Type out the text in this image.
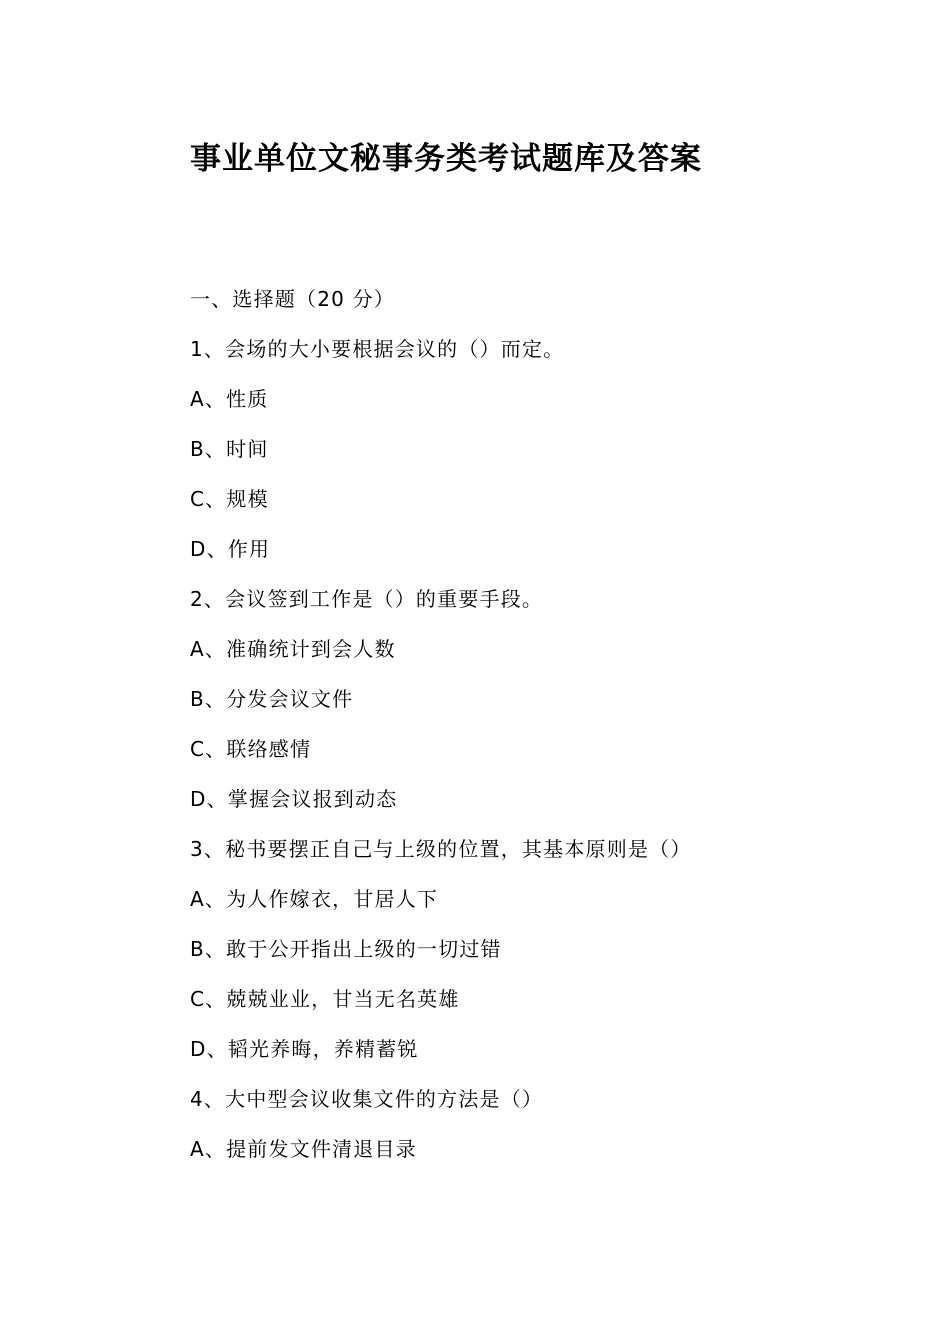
事业单位文秘事务类考试题库及答案

一、选择题（20 分）

1、会场的大小要根据会议的（）而定。

A、性质

B、时间

C、规模

D、作用

2、会议签到工作是（）的重要手段。

A、准确统计到会人数

B、分发会议文件

C、联络感情

D、掌握会议报到动态

3、秘书要摆正自己与上级的位置，其基本原则是（）

A、为人作嫁衣，甘居人下

B、敢于公开指出上级的一切过错

C、兢兢业业，甘当无名英雄

D、韬光养晦，养精蓄锐

4、大中型会议收集文件的方法是（）

A、提前发文件清退目录
